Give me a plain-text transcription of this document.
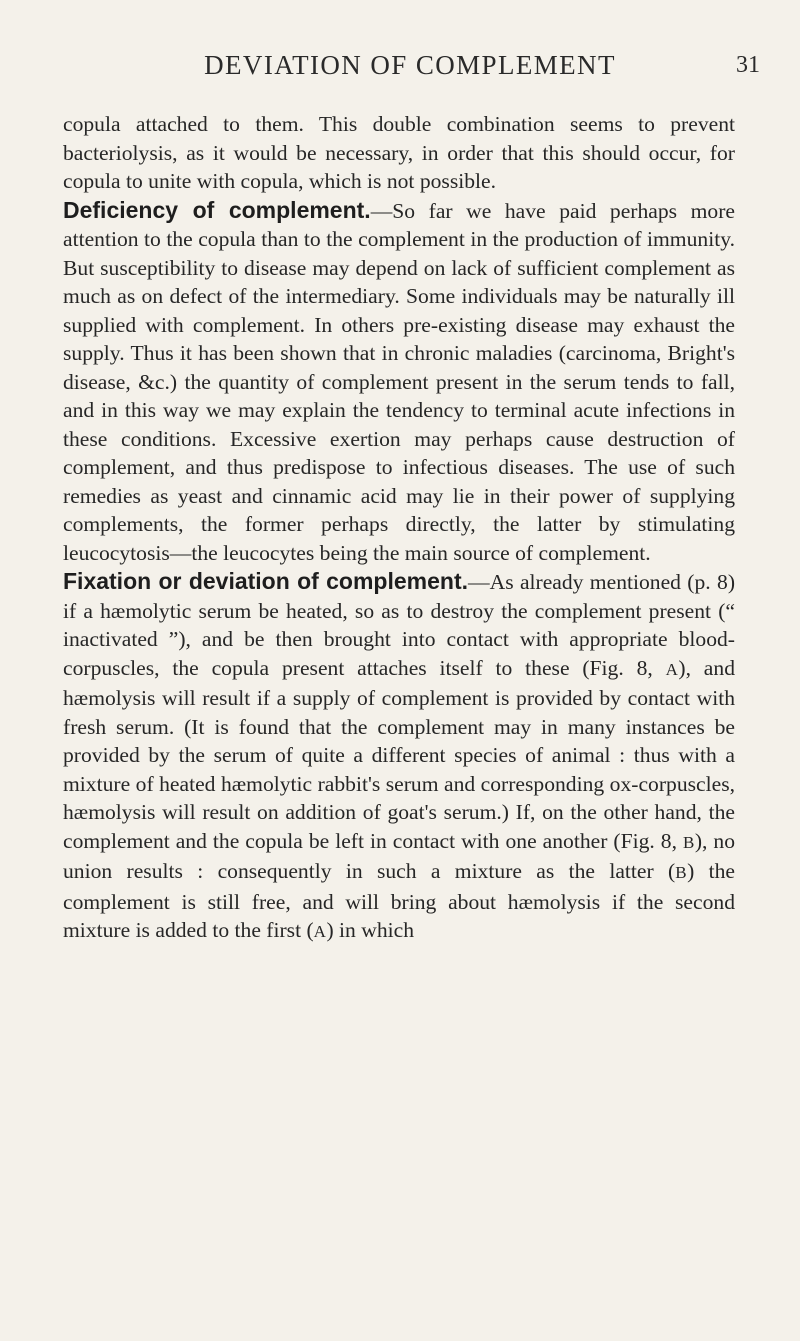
DEVIATION OF COMPLEMENT	31

copula attached to them. This double combination seems to prevent bacteriolysis, as it would be necessary, in order that this should occur, for copula to unite with copula, which is not possible.

Deficiency of complement.—So far we have paid perhaps more attention to the copula than to the complement in the production of immunity. But susceptibility to disease may depend on lack of sufficient complement as much as on defect of the intermediary. Some individuals may be naturally ill supplied with complement. In others pre-existing disease may exhaust the supply. Thus it has been shown that in chronic maladies (carcinoma, Bright's disease, &c.) the quantity of complement present in the serum tends to fall, and in this way we may explain the tendency to terminal acute infections in these conditions. Excessive exertion may perhaps cause destruction of complement, and thus predispose to infectious diseases. The use of such remedies as yeast and cinnamic acid may lie in their power of supplying complements, the former perhaps directly, the latter by stimulating leucocytosis—the leucocytes being the main source of complement.

Fixation or deviation of complement.—As already mentioned (p. 8) if a hæmolytic serum be heated, so as to destroy the complement present (“ inactivated ”), and be then brought into contact with appropriate blood-corpuscles, the copula present attaches itself to these (Fig. 8, A), and hæmolysis will result if a supply of complement is provided by contact with fresh serum. (It is found that the complement may in many instances be provided by the serum of quite a different species of animal : thus with a mixture of heated hæmolytic rabbit's serum and corresponding ox-corpuscles, hæmolysis will result on addition of goat's serum.) If, on the other hand, the complement and the copula be left in contact with one another (Fig. 8, B), no union results : consequently in such a mixture as the latter (B) the complement is still free, and will bring about hæmolysis if the second mixture is added to the first (A) in which
